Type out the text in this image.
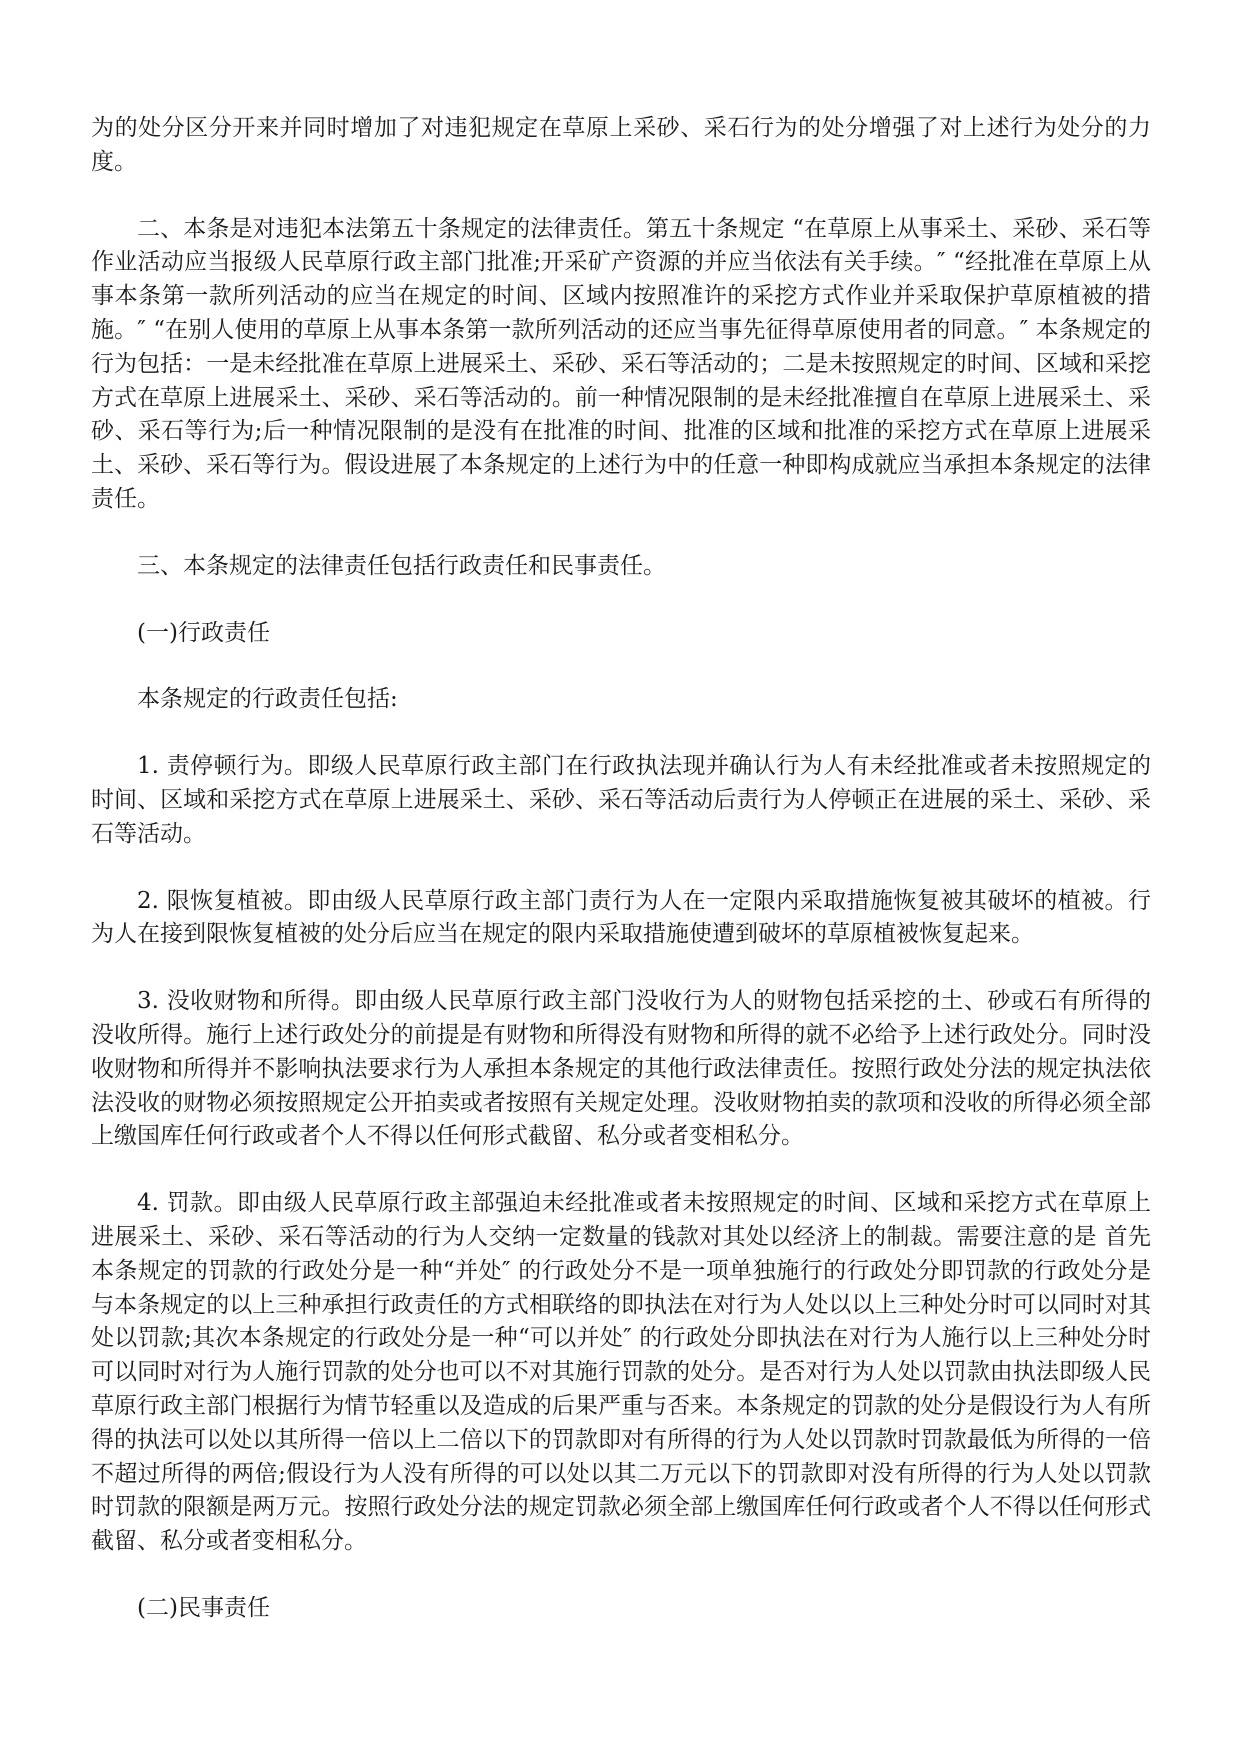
为的处分区分开来并同时增加了对违犯规定在草原上采砂、采石行为的处分增强了对上述行为处分的力度。

二、本条是对违犯本法第五十条规定的法律责任。第五十条规定 “在草原上从事采土、采砂、采石等作业活动应当报级人民草原行政主部门批准;开采矿产资源的并应当依法有关手续。″ “经批准在草原上从事本条第一款所列活动的应当在规定的时间、区域内按照准许的采挖方式作业并采取保护草原植被的措施。″ “在别人使用的草原上从事本条第一款所列活动的还应当事先征得草原使用者的同意。″ 本条规定的行为包括：一是未经批准在草原上进展采土、采砂、采石等活动的；二是未按照规定的时间、区域和采挖方式在草原上进展采土、采砂、采石等活动的。前一种情况限制的是未经批准擅自在草原上进展采土、采砂、采石等行为;后一种情况限制的是没有在批准的时间、批准的区域和批准的采挖方式在草原上进展采土、采砂、采石等行为。假设进展了本条规定的上述行为中的任意一种即构成就应当承担本条规定的法律责任。

三、本条规定的法律责任包括行政责任和民事责任。

(一)行政责任

本条规定的行政责任包括:

1. 责停顿行为。即级人民草原行政主部门在行政执法现并确认行为人有未经批准或者未按照规定的时间、区域和采挖方式在草原上进展采土、采砂、采石等活动后责行为人停顿正在进展的采土、采砂、采石等活动。

2. 限恢复植被。即由级人民草原行政主部门责行为人在一定限内采取措施恢复被其破坏的植被。行为人在接到限恢复植被的处分后应当在规定的限内采取措施使遭到破坏的草原植被恢复起来。

3. 没收财物和所得。即由级人民草原行政主部门没收行为人的财物包括采挖的土、砂或石有所得的没收所得。施行上述行政处分的前提是有财物和所得没有财物和所得的就不必给予上述行政处分。同时没收财物和所得并不影响执法要求行为人承担本条规定的其他行政法律责任。按照行政处分法的规定执法依法没收的财物必须按照规定公开拍卖或者按照有关规定处理。没收财物拍卖的款项和没收的所得必须全部上缴国库任何行政或者个人不得以任何形式截留、私分或者变相私分。

4. 罚款。即由级人民草原行政主部强迫未经批准或者未按照规定的时间、区域和采挖方式在草原上进展采土、采砂、采石等活动的行为人交纳一定数量的钱款对其处以经济上的制裁。需要注意的是 首先本条规定的罚款的行政处分是一种“并处″ 的行政处分不是一项单独施行的行政处分即罚款的行政处分是与本条规定的以上三种承担行政责任的方式相联络的即执法在对行为人处以以上三种处分时可以同时对其处以罚款;其次本条规定的行政处分是一种“可以并处″ 的行政处分即执法在对行为人施行以上三种处分时可以同时对行为人施行罚款的处分也可以不对其施行罚款的处分。是否对行为人处以罚款由执法即级人民草原行政主部门根据行为情节轻重以及造成的后果严重与否来。本条规定的罚款的处分是假设行为人有所得的执法可以处以其所得一倍以上二倍以下的罚款即对有所得的行为人处以罚款时罚款最低为所得的一倍不超过所得的两倍;假设行为人没有所得的可以处以其二万元以下的罚款即对没有所得的行为人处以罚款时罚款的限额是两万元。按照行政处分法的规定罚款必须全部上缴国库任何行政或者个人不得以任何形式截留、私分或者变相私分。

(二)民事责任
